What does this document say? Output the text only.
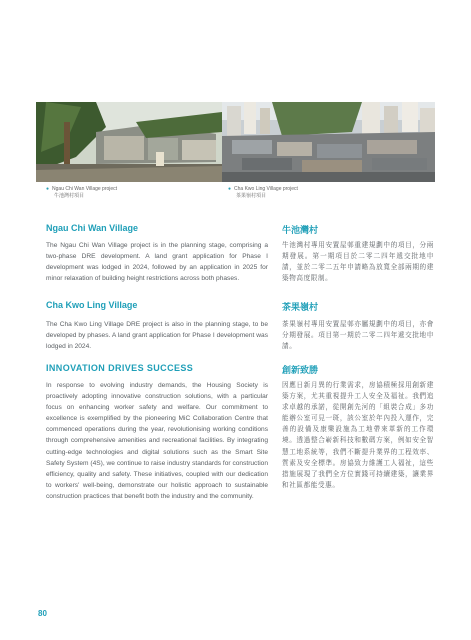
● Ngau Chi Wan Village project
牛池灣村項目
● Cha Kwo Ling Village project
茶果嶺村項目
Ngau Chi Wan Village	牛池灣村
The Ngau Chi Wan Village project is in the planning stage, comprising a two-phase DRE development. A land grant application for Phase I development was lodged in 2024, followed by an application in 2025 for minor relaxation of building height restrictions across both phases.
牛池灣村專用安置屋邨重建規劃中的項目，分兩期發展。第一期項目於二零二四年遞交批地申請，並於二零二五年申請略為放寬全部兩期的建築物高度限制。
Cha Kwo Ling Village	茶果嶺村
The Cha Kwo Ling Village DRE project is also in the planning stage, to be developed by phases. A land grant application for Phase I development was lodged in 2024.
茶果嶺村專用安置屋邨亦屬規劃中的項目，亦會分期發展。項目第一期於二零二四年遞交批地申請。
INNOVATION DRIVES SUCCESS	創新致勝
In response to evolving industry demands, the Housing Society is proactively adopting innovative construction solutions, with a particular focus on enhancing worker safety and welfare. Our commitment to excellence is exemplified by the pioneering MiC Collaboration Centre that commenced operations during the year, revolutionising working conditions through comprehensive amenities and recreational facilities. By integrating cutting-edge technologies and digital solutions such as the Smart Site Safety System (4S), we continue to raise industry standards for construction efficiency, quality and safety. These initiatives, coupled with our dedication to workers' well-being, demonstrate our holistic approach to sustainable construction practices that benefit both the industry and the community.
因應日新月異的行業需求，房協積極採用創新建築方案，尤其重視提升工人安全及福祉。我們追求卓越的承諾，從開創先河的「組裝合成」多功能辦公室可見一斑，該公室於年內投入運作，完善的設備及康樂設施為工地帶來革新的工作環境。透過整合嶄新科技和數碼方案，例如安全智慧工地系統等，我們不斷提升業界的工程效率、質素及安全標準。房協致力維護工人福祉，這些措施展現了我們全方位實踐可持續建築，讓業界和社區都能受惠。
80
